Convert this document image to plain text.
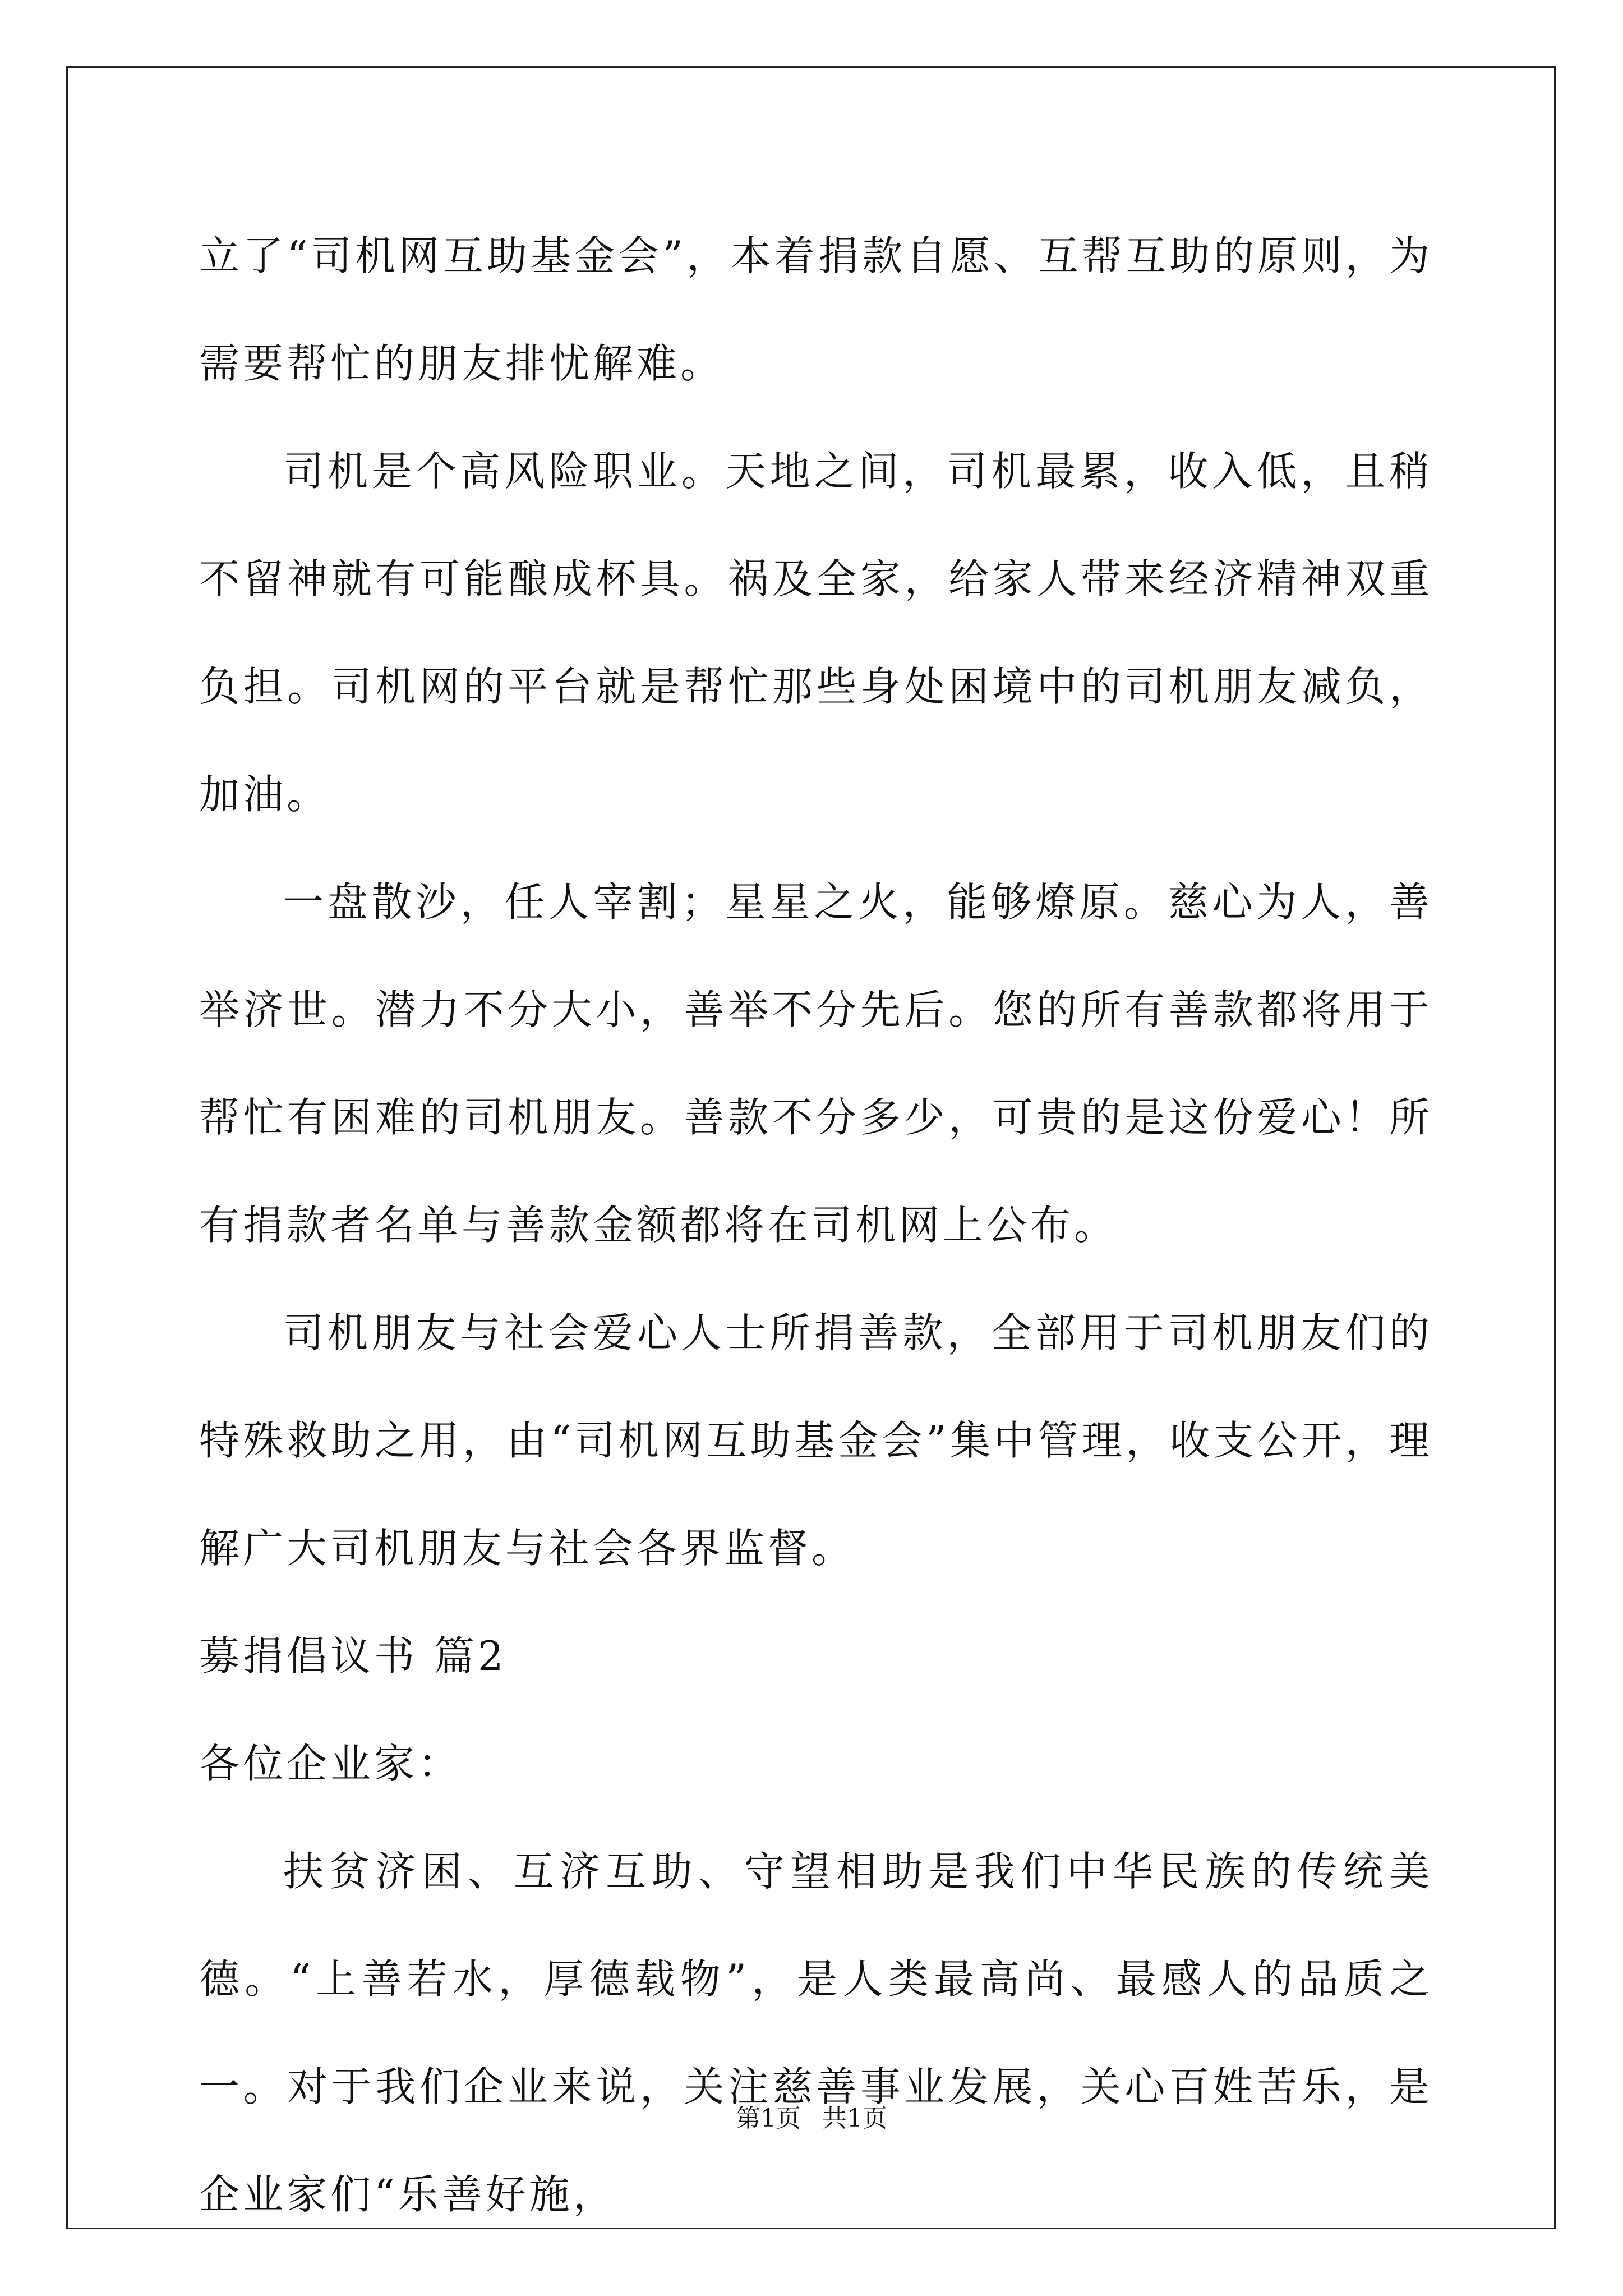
立了“司机网互助基金会”，本着捐款自愿、互帮互助的原则，为需要帮忙的朋友排忧解难。

司机是个高风险职业。天地之间，司机最累，收入低，且稍不留神就有可能酿成杯具。祸及全家，给家人带来经济精神双重负担。司机网的平台就是帮忙那些身处困境中的司机朋友减负，加油。

一盘散沙，任人宰割；星星之火，能够燎原。慈心为人，善举济世。潜力不分大小，善举不分先后。您的所有善款都将用于帮忙有困难的司机朋友。善款不分多少，可贵的是这份爱心！所有捐款者名单与善款金额都将在司机网上公布。

司机朋友与社会爱心人士所捐善款，全部用于司机朋友们的特殊救助之用，由“司机网互助基金会”集中管理，收支公开，理解广大司机朋友与社会各界监督。

募捐倡议书 篇2

各位企业家：

扶贫济困、互济互助、守望相助是我们中华民族的传统美德。“上善若水，厚德载物”，是人类最高尚、最感人的品质之一。对于我们企业来说，关注慈善事业发展，关心百姓苦乐，是企业家们“乐善好施，

第1页 共1页
